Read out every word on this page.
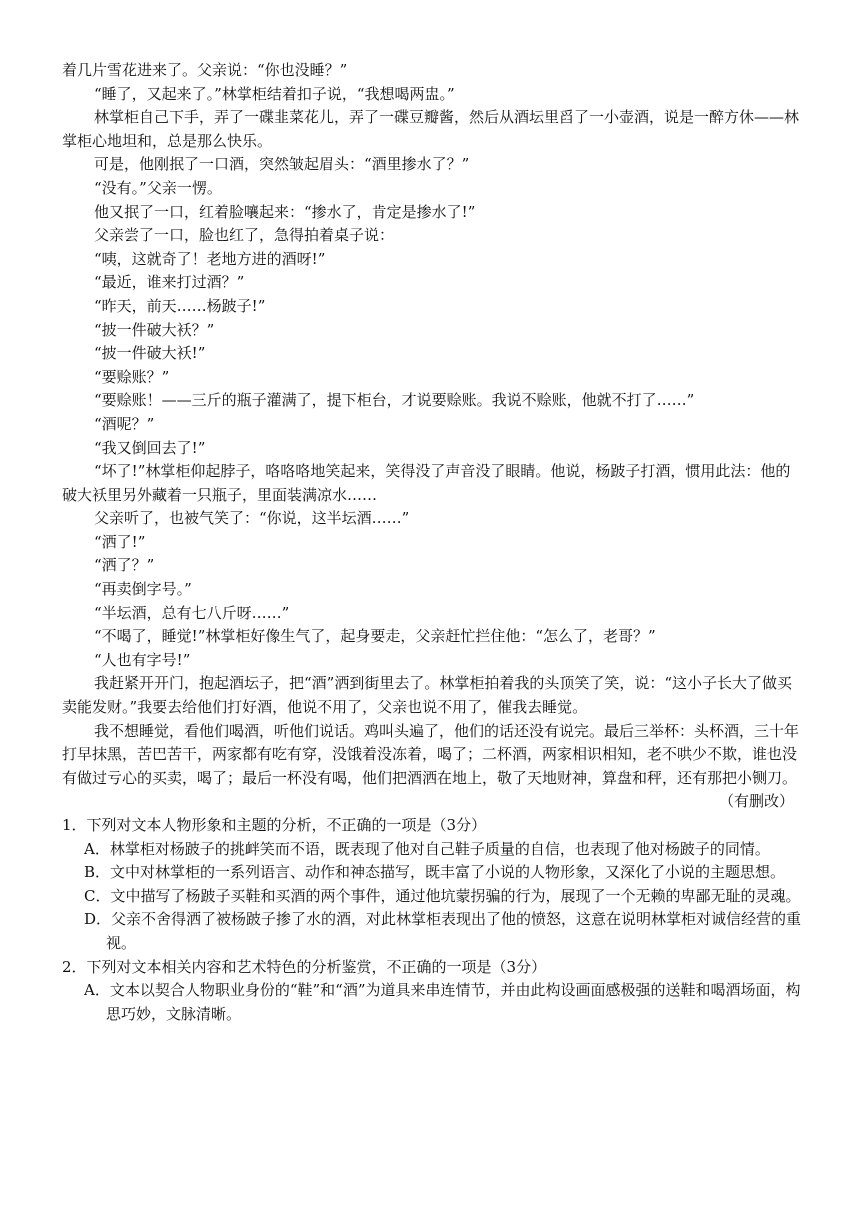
着几片雪花进来了。父亲说：“你也没睡？”

“睡了，又起来了。”林掌柜结着扣子说，“我想喝两盅。”

林掌柜自己下手，弄了一碟韭菜花儿，弄了一碟豆瓣酱，然后从酒坛里舀了一小壶酒，说是一醉方休——林掌柜心地坦和，总是那么快乐。

可是，他刚抿了一口酒，突然皱起眉头：“酒里掺水了？”

“没有。”父亲一愣。

他又抿了一口，红着脸嚷起来：“掺水了，肯定是掺水了!”

父亲尝了一口，脸也红了，急得拍着桌子说：

“咦，这就奇了！老地方进的酒呀!”

“最近，谁来打过酒？”

“昨天，前天……杨跛子!”

“披一件破大袄？”

“披一件破大袄!”

“要赊账？”

“要赊账！——三斤的瓶子灌满了，提下柜台，才说要赊账。我说不赊账，他就不打了……”

“酒呢？”

“我又倒回去了!”

“坏了!”林掌柜仰起脖子，咯咯咯地笑起来，笑得没了声音没了眼睛。他说，杨跛子打酒，惯用此法：他的破大袄里另外藏着一只瓶子，里面装满凉水……

父亲听了，也被气笑了：“你说，这半坛酒……”

“洒了!”

“洒了？”

“再卖倒字号。”

“半坛酒，总有七八斤呀……”

“不喝了，睡觉!”林掌柜好像生气了，起身要走，父亲赶忙拦住他：“怎么了，老哥？”

“人也有字号!”

我赶紧开开门，抱起酒坛子，把“酒”洒到街里去了。林掌柜拍着我的头顶笑了笑，说：“这小子长大了做买卖能发财。”我要去给他们打好酒，他说不用了，父亲也说不用了，催我去睡觉。

我不想睡觉，看他们喝酒，听他们说话。鸡叫头遍了，他们的话还没有说完。最后三举杯：头杯酒，三十年打早抹黑，苦巴苦干，两家都有吃有穿，没饿着没冻着，喝了；二杯酒，两家相识相知，老不哄少不欺，谁也没有做过亏心的买卖，喝了；最后一杯没有喝，他们把酒洒在地上，敬了天地财神，算盘和秤，还有那把小铡刀。

（有删改）

1．下列对文本人物形象和主题的分析，不正确的一项是（3分）

A．林掌柜对杨跛子的挑衅笑而不语，既表现了他对自己鞋子质量的自信，也表现了他对杨跛子的同情。

B．文中对林掌柜的一系列语言、动作和神态描写，既丰富了小说的人物形象，又深化了小说的主题思想。

C．文中描写了杨跛子买鞋和买酒的两个事件，通过他坑蒙拐骗的行为，展现了一个无赖的卑鄙无耻的灵魂。

D．父亲不舍得洒了被杨跛子掺了水的酒，对此林掌柜表现出了他的愤怒，这意在说明林掌柜对诚信经营的重视。

2．下列对文本相关内容和艺术特色的分析鉴赏，不正确的一项是（3分）

A．文本以契合人物职业身份的“鞋”和“酒”为道具来串连情节，并由此构设画面感极强的送鞋和喝酒场面，构思巧妙，文脉清晰。
